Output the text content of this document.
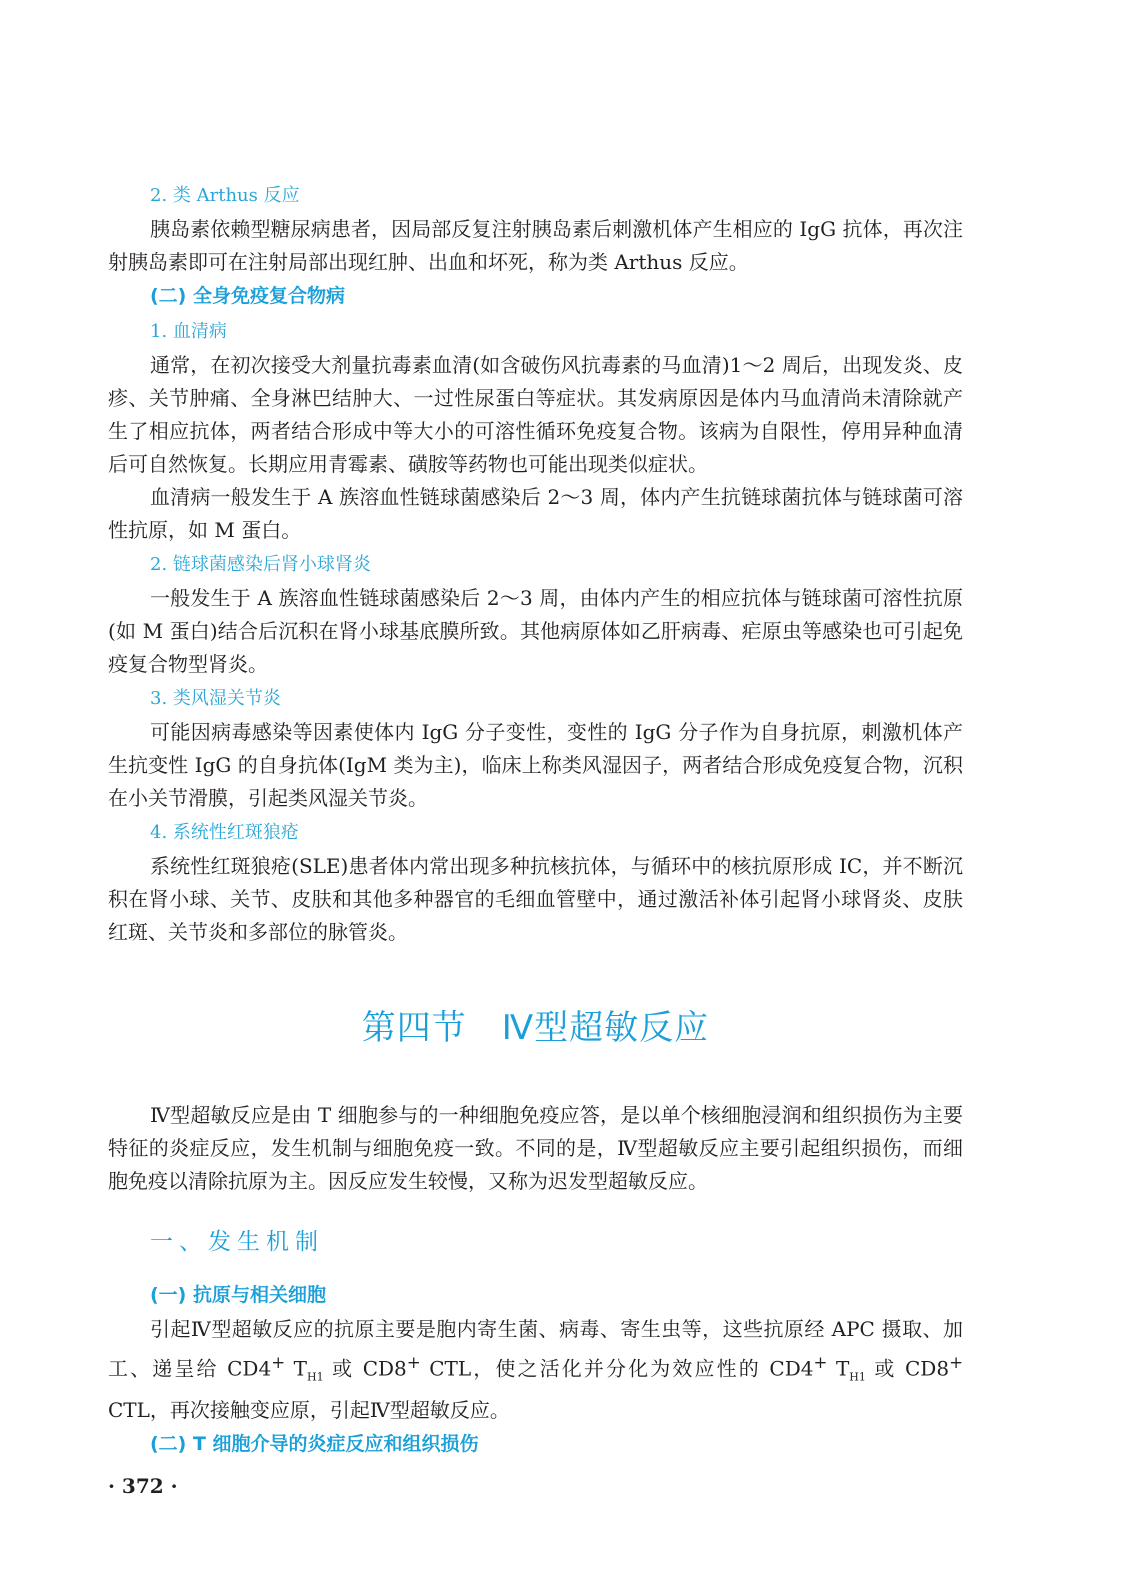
2. 类 Arthus 反应

胰岛素依赖型糖尿病患者，因局部反复注射胰岛素后刺激机体产生相应的 IgG 抗体，再次注射胰岛素即可在注射局部出现红肿、出血和坏死，称为类 Arthus 反应。

(二) 全身免疫复合物病
1. 血清病

通常，在初次接受大剂量抗毒素血清(如含破伤风抗毒素的马血清)1～2 周后，出现发炎、皮疹、关节肿痛、全身淋巴结肿大、一过性尿蛋白等症状。其发病原因是体内马血清尚未清除就产生了相应抗体，两者结合形成中等大小的可溶性循环免疫复合物。该病为自限性，停用异种血清后可自然恢复。长期应用青霉素、磺胺等药物也可能出现类似症状。

血清病一般发生于 A 族溶血性链球菌感染后 2～3 周，体内产生抗链球菌抗体与链球菌可溶性抗原，如 M 蛋白。

2. 链球菌感染后肾小球肾炎

一般发生于 A 族溶血性链球菌感染后 2～3 周，由体内产生的相应抗体与链球菌可溶性抗原(如 M 蛋白)结合后沉积在肾小球基底膜所致。其他病原体如乙肝病毒、疟原虫等感染也可引起免疫复合物型肾炎。

3. 类风湿关节炎

可能因病毒感染等因素使体内 IgG 分子变性，变性的 IgG 分子作为自身抗原，刺激机体产生抗变性 IgG 的自身抗体(IgM 类为主)，临床上称类风湿因子，两者结合形成免疫复合物，沉积在小关节滑膜，引起类风湿关节炎。

4. 系统性红斑狼疮

系统性红斑狼疮(SLE)患者体内常出现多种抗核抗体，与循环中的核抗原形成 IC，并不断沉积在肾小球、关节、皮肤和其他多种器官的毛细血管壁中，通过激活补体引起肾小球肾炎、皮肤红斑、关节炎和多部位的脉管炎。

第四节　Ⅳ型超敏反应

Ⅳ型超敏反应是由 T 细胞参与的一种细胞免疫应答，是以单个核细胞浸润和组织损伤为主要特征的炎症反应，发生机制与细胞免疫一致。不同的是，Ⅳ型超敏反应主要引起组织损伤，而细胞免疫以清除抗原为主。因反应发生较慢，又称为迟发型超敏反应。

一、发生机制
(一) 抗原与相关细胞

引起Ⅳ型超敏反应的抗原主要是胞内寄生菌、病毒、寄生虫等，这些抗原经 APC 摄取、加工、递呈给 CD4+ $T_{H1}$ 或 CD8+ CTL，使之活化并分化为效应性的 CD4+ $T_{H1}$ 或 CD8+ CTL，再次接触变应原，引起Ⅳ型超敏反应。

(二) T 细胞介导的炎症反应和组织损伤
· 372 ·
